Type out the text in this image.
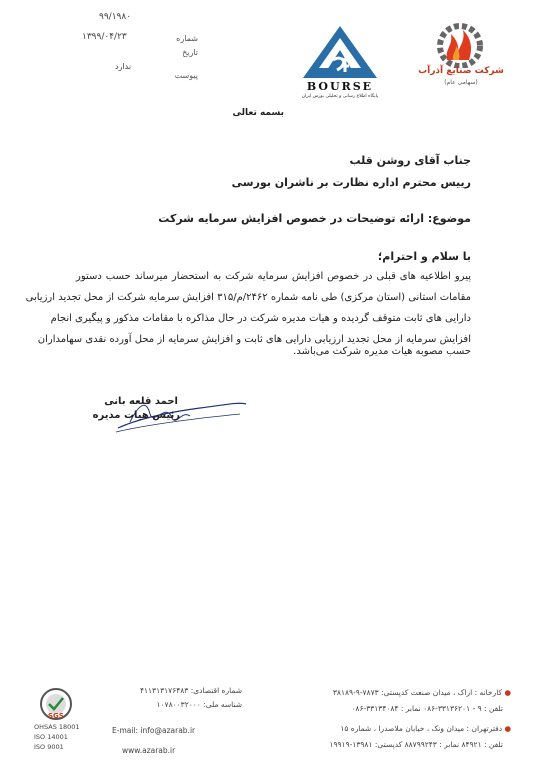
شماره
۹۹/۱۹۸۰
تاریخ
۱۳۹۹/۰۴/۲۳
پیوست
ندارد
BOURSE
پایگاه اطلاع رسانی و تحلیلی بورس ایران
شرکت صنایع آذرآب
(سهامی عام)
بسمه تعالی
جناب آقای روشن قلب
رییس محترم اداره نظارت بر ناشران بورسی
موضوع: ارائه توضیحات در خصوص افزایش سرمایه شرکت
با سلام و احترام؛
پیرو اطلاعیه های قبلی در خصوص افزایش سرمایه شرکت به استحضار میرساند حسب دستور
مقامات استانی (استان مرکزی) طی نامه شماره ۲۴۶۲/م/۳۱۵ افزایش سرمایه شرکت از محل تجدید ارزیابی
دارایی های ثابت متوقف گردیده و هیات مدیره شرکت در حال مذاکره با مقامات مذکور و پیگیری انجام
افزایش سرمایه از محل تجدید ارزیابی دارایی های ثابت و افزایش سرمایه از محل آورده نقدی سهامداران
حسب مصوبه هیات مدیره شرکت می‌باشد.
احمد قلعه بانی
رئیس هیات مدیره
● کارخانه : اراک ، میدان صنعت کدپستی: ۷۸۷۳-۹-۳۸۱۸۹
تلفن : ۹ - ۳۳۱۳۶۲۰۱-۰۸۶ نمابر : ۳۳۱۳۴۰۸۴-۰۸۶
● دفترتهران : میدان ونک ، خیابان ملاصدرا ، شماره ۱۵
تلفن : ۸۴۹۲۱ نمابر : ۸۸۷۹۹۲۴۳ کدپستی: ۱۳۹۸۱-۱۹۹۱۹
شماره اقتصادی: ۴۱۱۳۱۳۱۷۶۴۸۳
شناسه ملی: ۱۰۷۸۰۰۳۲۰۰۰
E-mail: info@azarab.ir
www.azarab.ir
SGS
OHSAS 18001
ISO 14001
ISO 9001
